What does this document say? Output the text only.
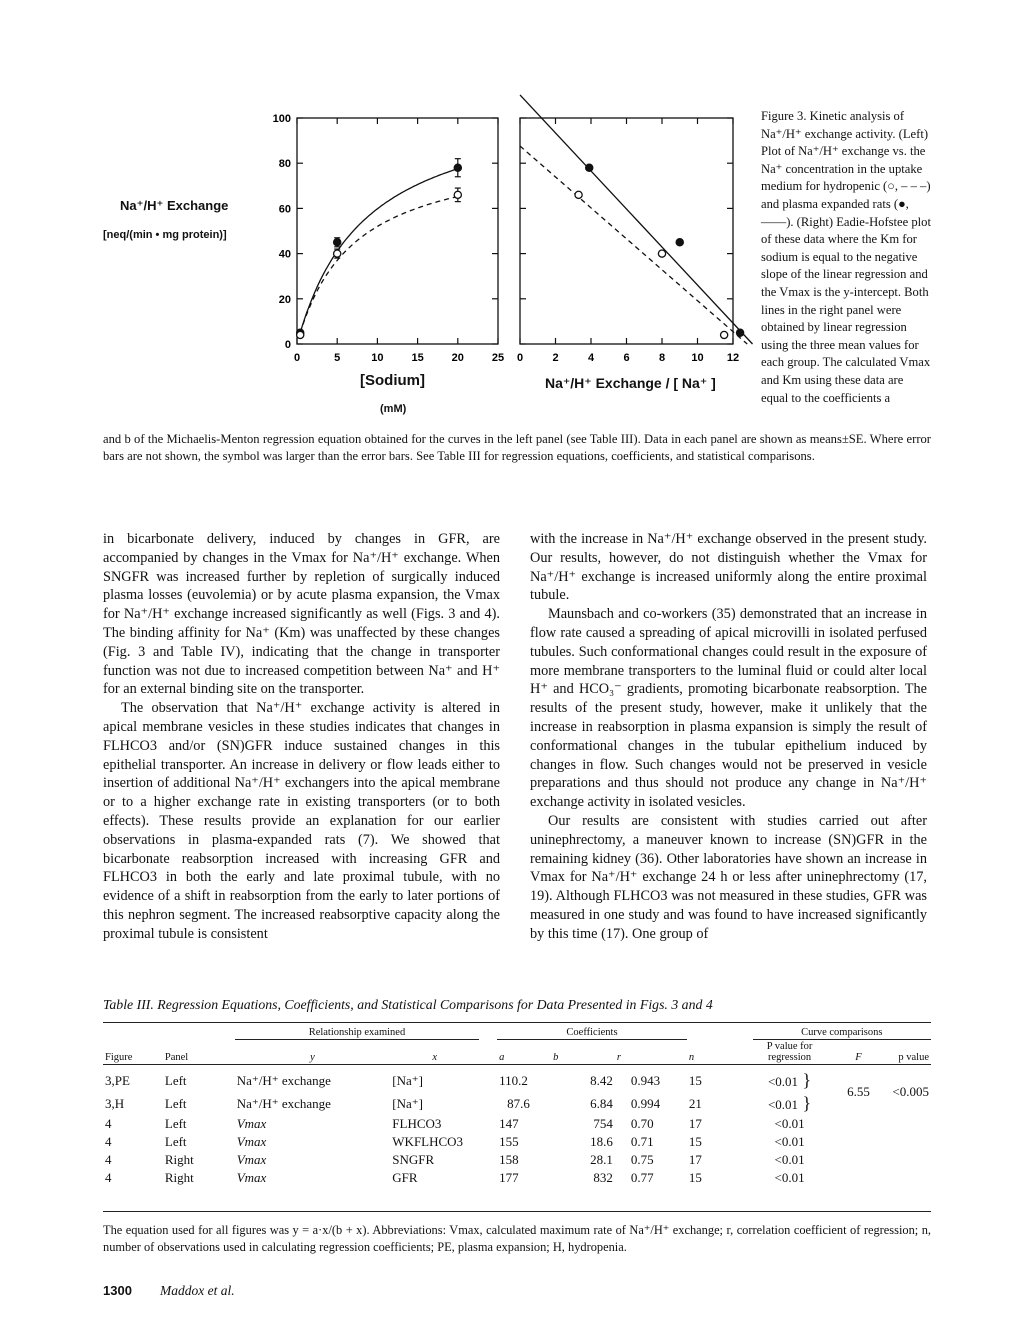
0	5	10	15	20	25
0
20
40
60
80
100
0	2	4	6	8 10 12
Na⁺/H⁺ Exchange
[neq/(min • mg protein)]
[Sodium]
(mM)
Na⁺/H⁺ Exchange / [ Na⁺ ]
Figure 3. Kinetic analysis of Na⁺/H⁺ exchange activity. (Left) Plot of Na⁺/H⁺ exchange vs. the Na⁺ concentration in the uptake medium for hydropenic (○, – – –) and plasma expanded rats (●, ——). (Right) Eadie-Hofstee plot of these data where the Km for sodium is equal to the negative slope of the linear regression and the Vmax is the y-intercept. Both lines in the right panel were obtained by linear regression using the three mean values for each group. The calculated Vmax and Km using these data are equal to the coefficients a
and b of the Michaelis-Menton regression equation obtained for the curves in the left panel (see Table III). Data in each panel are shown as means±SE. Where error bars are not shown, the symbol was larger than the error bars. See Table III for regression equations, coefficients, and statistical comparisons.

in bicarbonate delivery, induced by changes in GFR, are accompanied by changes in the Vmax for Na⁺/H⁺ exchange. When SNGFR was increased further by repletion of surgically induced plasma losses (euvolemia) or by acute plasma expansion, the Vmax for Na⁺/H⁺ exchange increased significantly as well (Figs. 3 and 4). The binding affinity for Na⁺ (Km) was unaffected by these changes (Fig. 3 and Table IV), indicating that the change in transporter function was not due to increased competition between Na⁺ and H⁺ for an external binding site on the transporter.

The observation that Na⁺/H⁺ exchange activity is altered in apical membrane vesicles in these studies indicates that changes in FLHCO3 and/or (SN)GFR induce sustained changes in this epithelial transporter. An increase in delivery or flow leads either to insertion of additional Na⁺/H⁺ exchangers into the apical membrane or to a higher exchange rate in existing transporters (or to both effects). These results provide an explanation for our earlier observations in plasma-expanded rats (7). We showed that bicarbonate reabsorption increased with increasing GFR and FLHCO3 in both the early and late proximal tubule, with no evidence of a shift in reabsorption from the early to later portions of this nephron segment. The increased reabsorptive capacity along the proximal tubule is consistent

with the increase in Na⁺/H⁺ exchange observed in the present study. Our results, however, do not distinguish whether the Vmax for Na⁺/H⁺ exchange is increased uniformly along the entire proximal tubule.

Maunsbach and co-workers (35) demonstrated that an increase in flow rate caused a spreading of apical microvilli in isolated perfused tubules. Such conformational changes could result in the exposure of more membrane transporters to the luminal fluid or could alter local H⁺ and HCO₃⁻ gradients, promoting bicarbonate reabsorption. The results of the present study, however, make it unlikely that the increase in reabsorption in plasma expansion is simply the result of conformational changes in the tubular epithelium induced by changes in flow. Such changes would not be preserved in vesicle preparations and thus should not produce any change in Na⁺/H⁺ exchange activity in isolated vesicles.

Our results are consistent with studies carried out after uninephrectomy, a maneuver known to increase (SN)GFR in the remaining kidney (36). Other laboratories have shown an increase in Vmax for Na⁺/H⁺ exchange 24 h or less after uninephrectomy (17, 19). Although FLHCO3 was not measured in these studies, GFR was measured in one study and was found to have increased significantly by this time (17). One group of

Table III. Regression Equations, Coefficients, and Statistical Comparisons for Data Presented in Figs. 3 and 4
		Relationship examined			Coefficients				Curve comparisons		
Figure	Panel	y	x		a	b	r	n	P value for regression	F	p value

3,PE	Left	Na⁺/H⁺ exchange	[Na⁺]		110.2	8.42	0.943	15	<0.01 }	6.55	<0.005
3,H	Left	Na⁺/H⁺ exchange	[Na⁺]		87.6	6.84	0.994	21	<0.01 }		
4	Left	Vmax	FLHCO3		147	754	0.70	17	<0.01		
4	Left	Vmax	WKFLHCO3		155	18.6	0.71	15	<0.01		
4	Right	Vmax	SNGFR		158	28.1	0.75	17	<0.01		
4	Right	Vmax	GFR		177	832	0.77	15	<0.01		
The equation used for all figures was y = a·x/(b + x). Abbreviations: Vmax, calculated maximum rate of Na⁺/H⁺ exchange; r, correlation coefficient of regression; n, number of observations used in calculating regression coefficients; PE, plasma expansion; H, hydropenia.
1300 Maddox et al.
